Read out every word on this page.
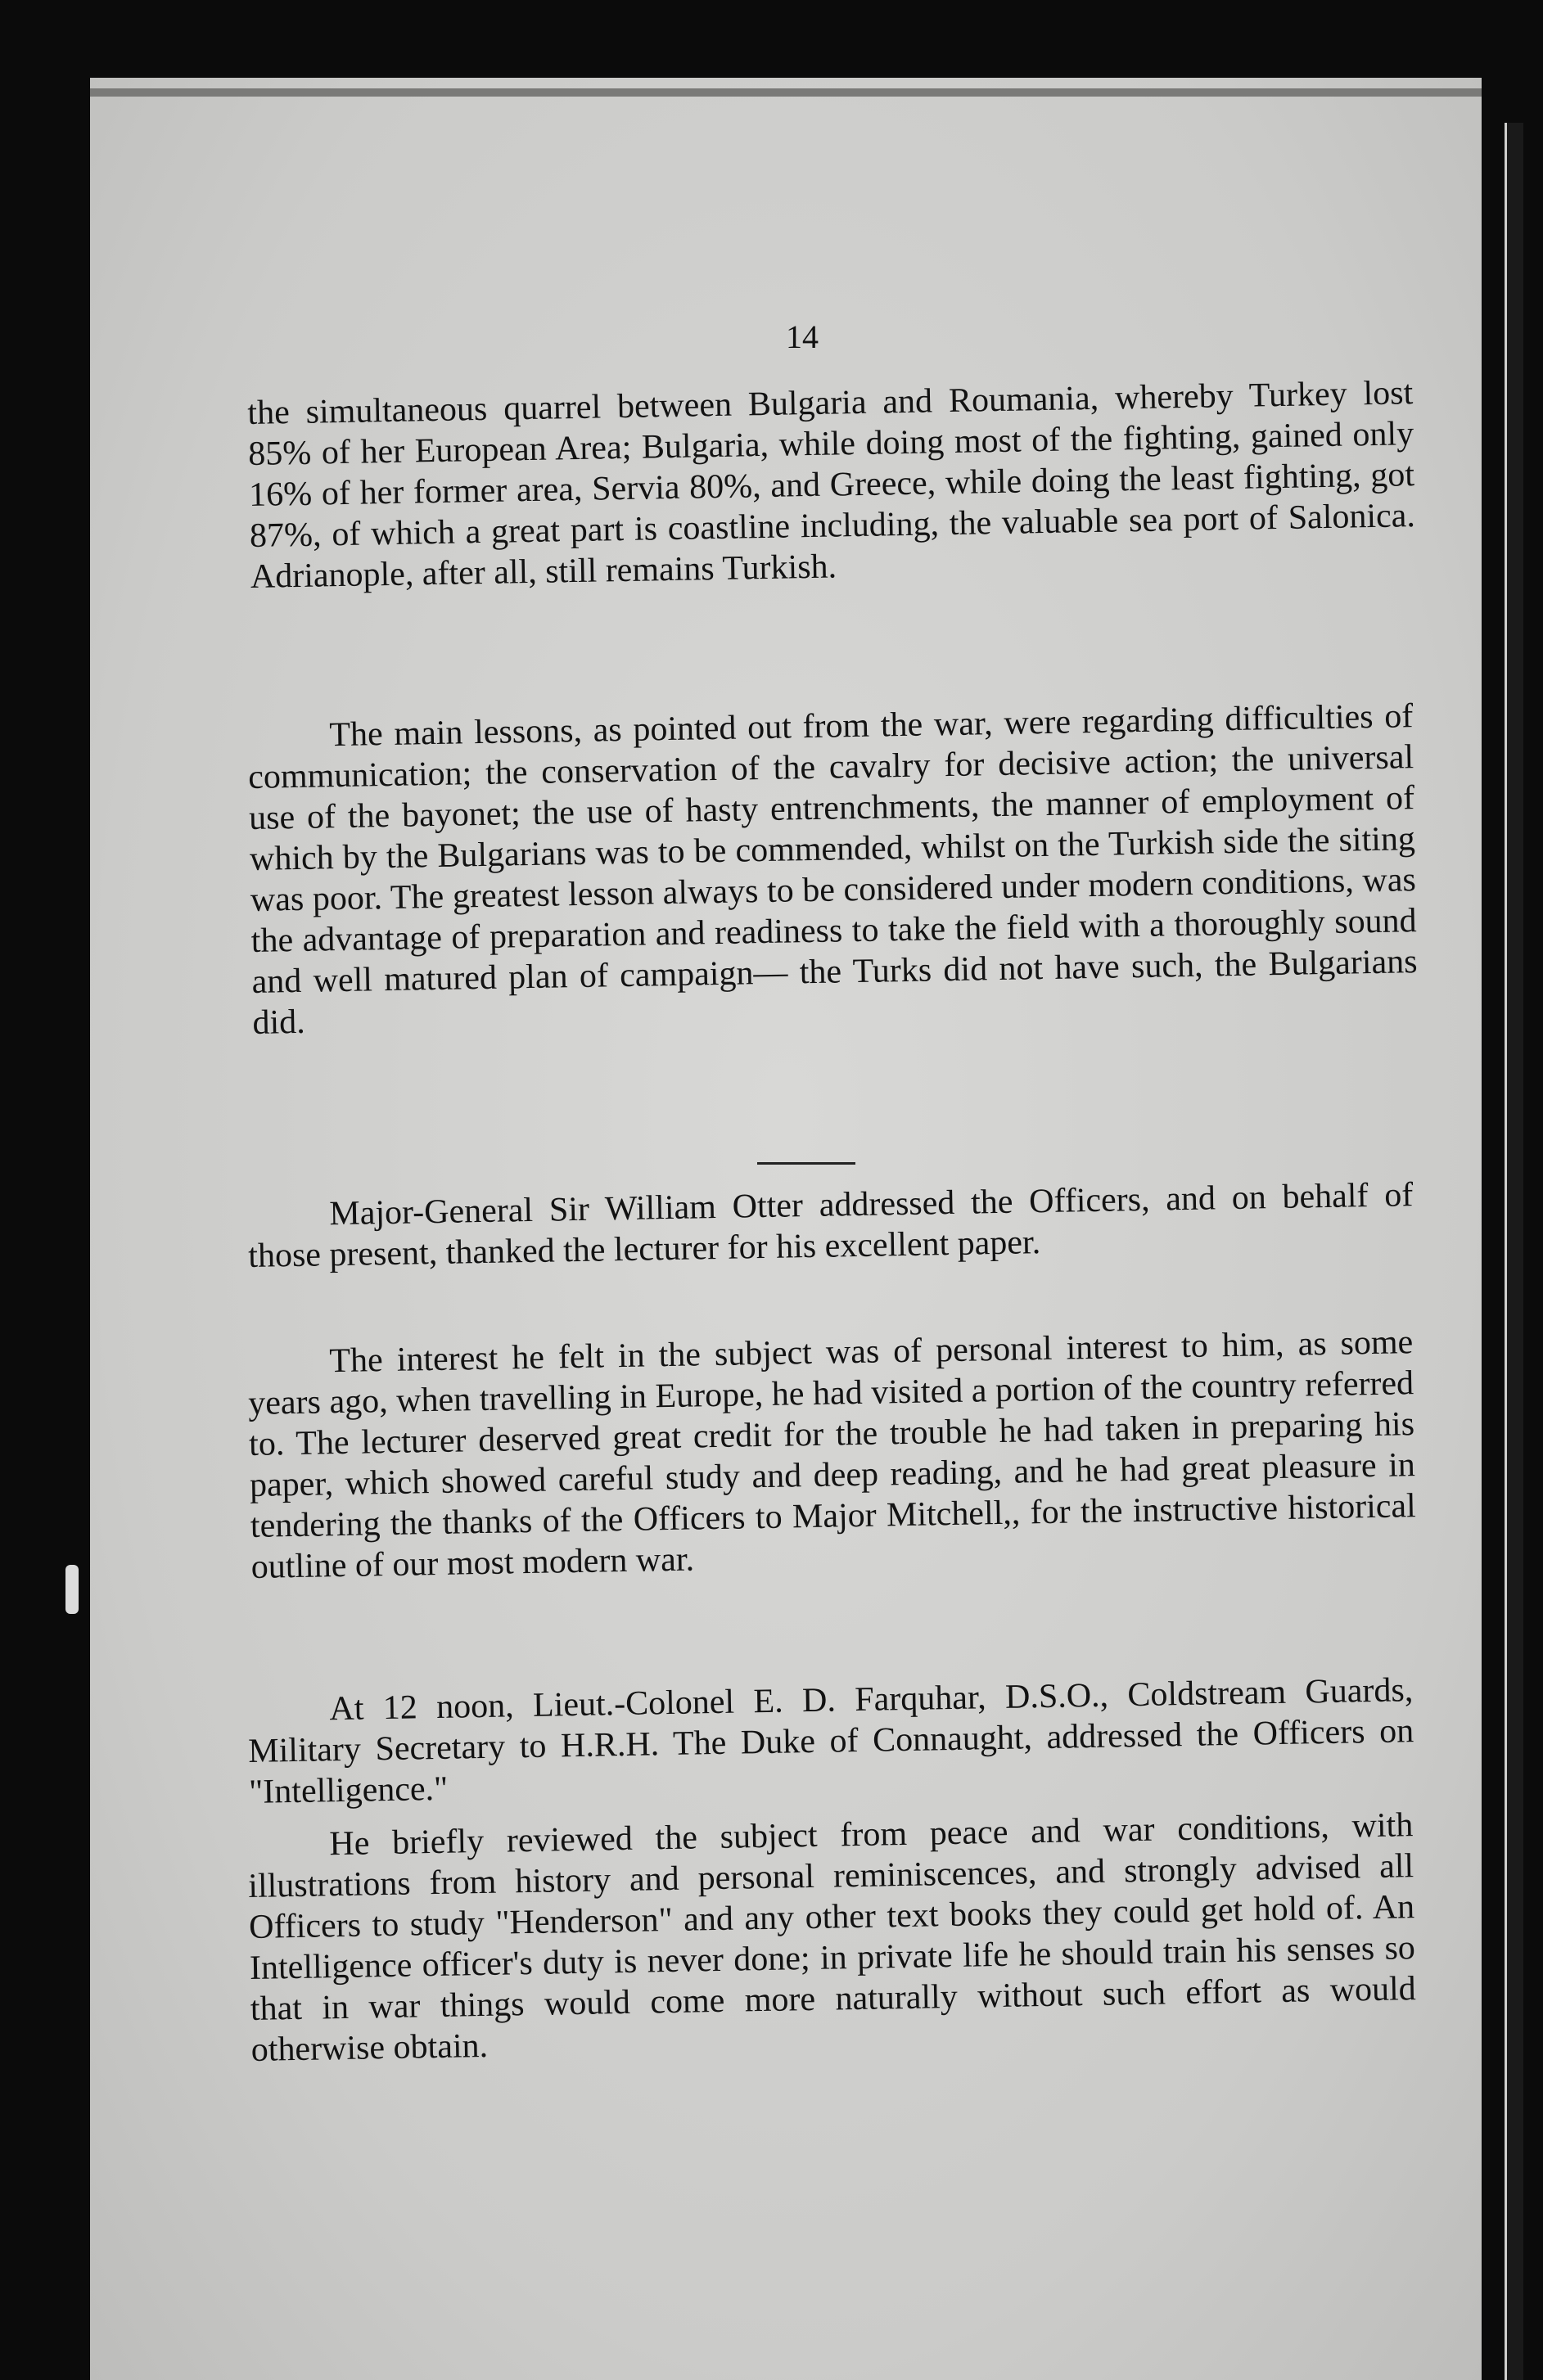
14

the simultaneous quarrel between Bulgaria and Roumania, whereby Turkey lost 85% of her European Area; Bulgaria, while doing most of the fighting, gained only 16% of her former area, Servia 80%, and Greece, while doing the least fighting, got 87%, of which a great part is coastline including, the valuable sea port of Salonica. Adrianople, after all, still remains Turkish.

The main lessons, as pointed out from the war, were regarding difficulties of communication; the conservation of the cavalry for decisive action; the universal use of the bayonet; the use of hasty entrenchments, the manner of employment of which by the Bulgarians was to be commended, whilst on the Turkish side the siting was poor. The greatest lesson always to be considered under modern conditions, was the advantage of preparation and readiness to take the field with a thoroughly sound and well matured plan of campaign— the Turks did not have such, the Bulgarians did.

Major-General Sir William Otter addressed the Officers, and on behalf of those present, thanked the lecturer for his excellent paper.

The interest he felt in the subject was of personal interest to him, as some years ago, when travelling in Europe, he had visited a portion of the country referred to. The lecturer deserved great credit for the trouble he had taken in preparing his paper, which showed careful study and deep reading, and he had great pleasure in tendering the thanks of the Officers to Major Mitchell,, for the instructive historical outline of our most modern war.

At 12 noon, Lieut.-Colonel E. D. Farquhar, D.S.O., Coldstream Guards, Military Secretary to H.R.H. The Duke of Connaught, addressed the Officers on "Intelligence."

He briefly reviewed the subject from peace and war conditions, with illustrations from history and personal reminiscences, and strongly advised all Officers to study "Henderson" and any other text books they could get hold of. An Intelligence officer's duty is never done; in private life he should train his senses so that in war things would come more naturally without such effort as would otherwise obtain.
